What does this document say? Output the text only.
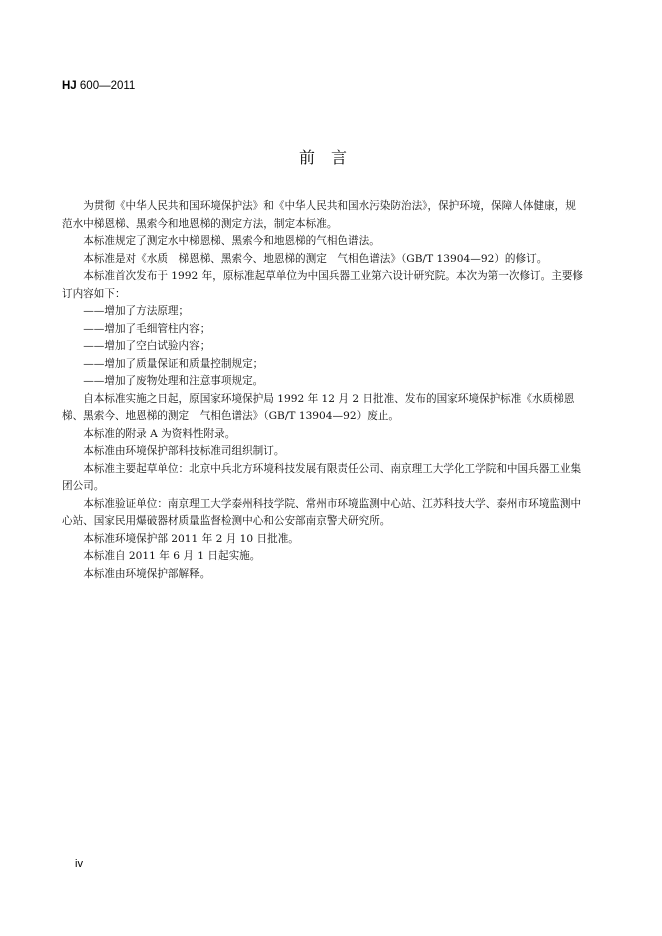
HJ 600—2011
前言

为贯彻《中华人民共和国环境保护法》和《中华人民共和国水污染防治法》，保护环境，保障人体健康，规范水中梯恩梯、黑索今和地恩梯的测定方法，制定本标准。

本标准规定了测定水中梯恩梯、黑索今和地恩梯的气相色谱法。

本标准是对《水质　梯恩梯、黑索今、地恩梯的测定　气相色谱法》（GB/T 13904—92）的修订。

本标准首次发布于 1992 年，原标准起草单位为中国兵器工业第六设计研究院。本次为第一次修订。主要修订内容如下：

——增加了方法原理；

——增加了毛细管柱内容；

——增加了空白试验内容；

——增加了质量保证和质量控制规定；

——增加了废物处理和注意事项规定。

自本标准实施之日起，原国家环境保护局 1992 年 12 月 2 日批准、发布的国家环境保护标准《水质梯恩梯、黑索今、地恩梯的测定　气相色谱法》（GB/T 13904—92）废止。

本标准的附录 A 为资料性附录。

本标准由环境保护部科技标准司组织制订。

本标准主要起草单位：北京中兵北方环境科技发展有限责任公司、南京理工大学化工学院和中国兵器工业集团公司。

本标准验证单位：南京理工大学泰州科技学院、常州市环境监测中心站、江苏科技大学、泰州市环境监测中心站、国家民用爆破器材质量监督检测中心和公安部南京警犬研究所。

本标准环境保护部 2011 年 2 月 10 日批准。

本标准自 2011 年 6 月 1 日起实施。

本标准由环境保护部解释。

iv
